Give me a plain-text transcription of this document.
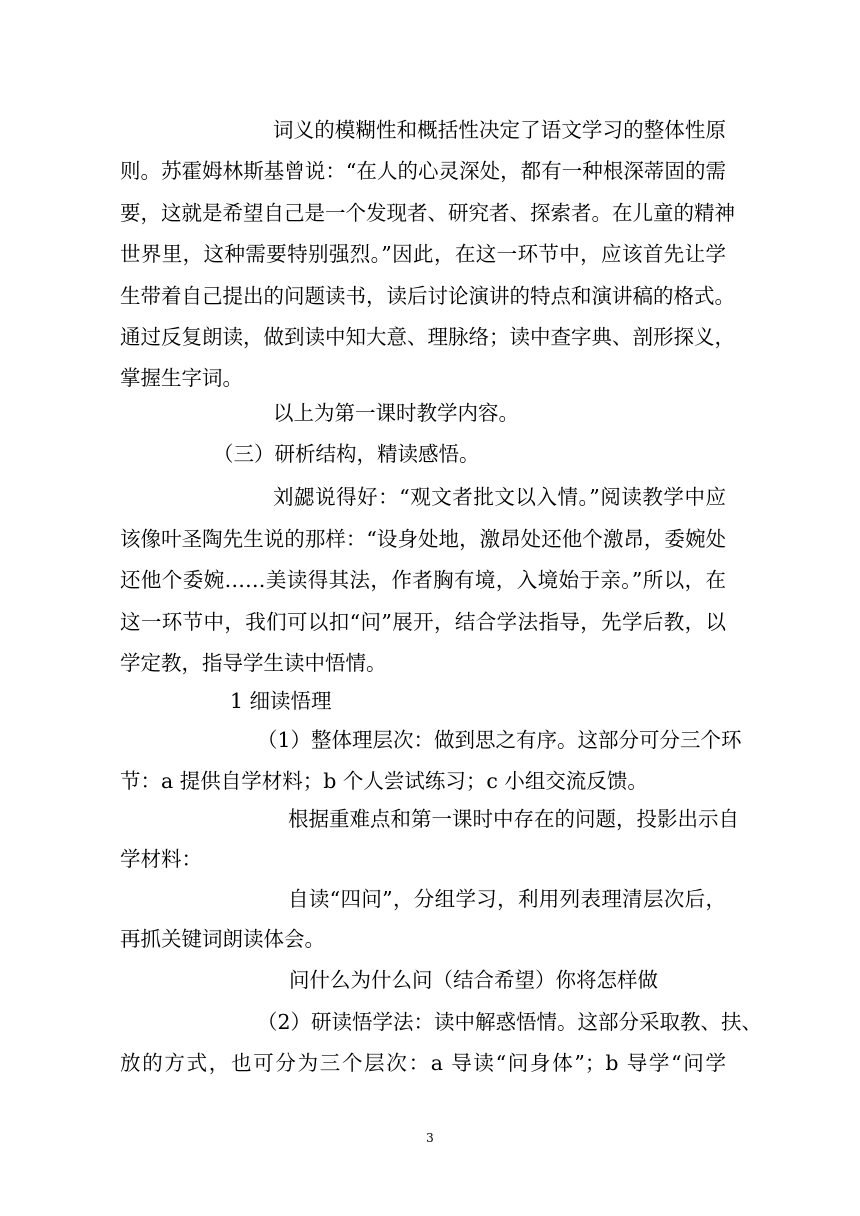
词义的模糊性和概括性决定了语文学习的整体性原
则。苏霍姆林斯基曾说：“在人的心灵深处，都有一种根深蒂固的需
要，这就是希望自己是一个发现者、研究者、探索者。在儿童的精神
世界里，这种需要特别强烈。”因此，在这一环节中，应该首先让学
生带着自己提出的问题读书，读后讨论演讲的特点和演讲稿的格式。
通过反复朗读，做到读中知大意、理脉络；读中查字典、剖形探义，
掌握生字词。
以上为第一课时教学内容。
（三）研析结构，精读感悟。
刘勰说得好：“观文者批文以入情。”阅读教学中应
该像叶圣陶先生说的那样：“设身处地，激昂处还他个激昂，委婉处
还他个委婉……美读得其法，作者胸有境，入境始于亲。”所以，在
这一环节中，我们可以扣“问”展开，结合学法指导，先学后教，以
学定教，指导学生读中悟情。
1 细读悟理
（1）整体理层次：做到思之有序。这部分可分三个环
节：a 提供自学材料；b 个人尝试练习；c 小组交流反馈。
根据重难点和第一课时中存在的问题，投影出示自
学材料：
自读“四问”，分组学习，利用列表理清层次后，
再抓关键词朗读体会。
问什么为什么问（结合希望）你将怎样做
（2）研读悟学法：读中解惑悟情。这部分采取教、扶、
放的方式，也可分为三个层次：a 导读“问身体”；b 导学“问学
3
